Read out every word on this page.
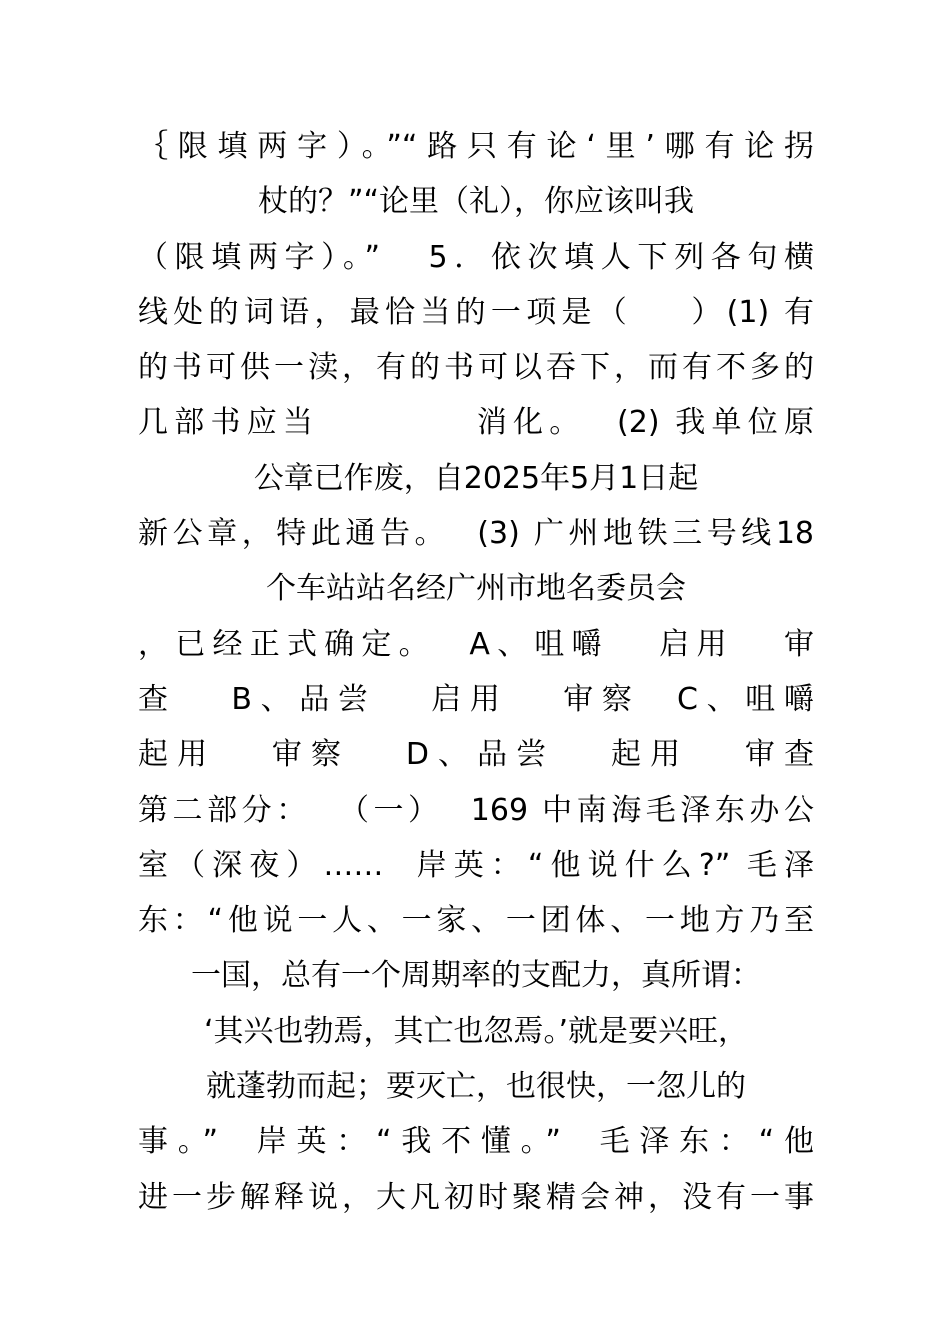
｛限填两字）。”“路只有论‘里’哪有论拐
杖的？”“论里（礼），你应该叫我
（限填两字）。”   5．依次填人下列各句横
线处的词语，最恰当的一项是（    ）(1) 有
的书可供一渎，有的书可以吞下，而有不多的
几部书应当          消化。  (2) 我单位原
公章已作废，自2025年5月1日起
新公章，特此通告。  (3) 广州地铁三号线18
个车站站名经广州市地名委员会
，已经正式确定。  A、咀嚼   启用   审
查   B、品尝   启用   审察  C、咀嚼
起用   审察   D、品尝   起用   审查
第二部分：  （一）  169 中南海毛泽东办公
室（深夜）……  岸英：“他说什么?” 毛泽
东：“他说一人、一家、一团体、一地方乃至
一国，总有一个周期率的支配力，真所谓：
‘其兴也勃焉，其亡也忽焉。’就是要兴旺，
就蓬勃而起；要灭亡，也很快，一忽儿的
事。”  岸英：“我不懂。”  毛泽东：“他
进一步解释说，大凡初时聚精会神，没有一事
